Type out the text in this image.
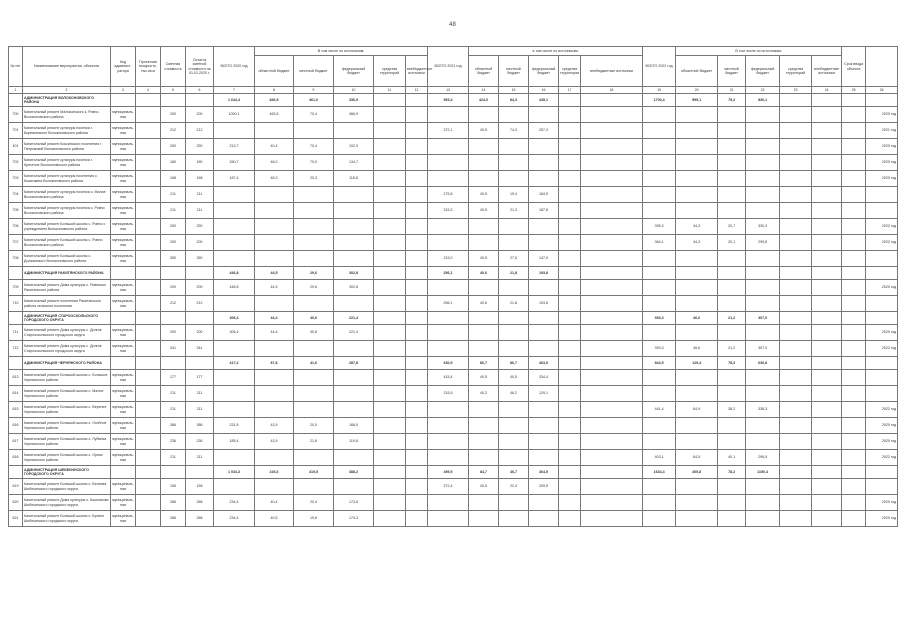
48
№ п/п	Наименование мероприятия, объектов	Код админист-ратора	Проектная мощность, тыс.кв.м	Сметная стоимость	Остаток сметной стоимости на 01.01.2020 г.	ВСЕГО 2020 год	В том числе по источникам:					ВСЕГО 2021 год	в том числе по источникам:					ВСЕГО 2022 год	В том числе по источникам:					Срок ввода объекта	
							областной бюджет	местный бюджет	федеральный бюджет	средства территорий	внебюджетные источники		областной бюджет	местный бюджет	федеральный бюджет	средства территории	внебюджетные источники		областной бюджет	местный бюджет	федеральный бюджет	средства территорий	внебюджетные источники		
1	2	3	4	5	6	7	8	9	10	11	12	13	14	15	16	17	18	19	20	21	22	23	24	25	26
	АДМИНИСТРАЦИЯ ВОЛОКОНОВСКОГО РАЙОНА					1 644,4	846,5	461,0	336,9			953,4	424,0	84,3	445,1			1700,4	595,1	75,2	830,1				
700	Капитальный ремонт Малоконского к. Ровно-Волоконовского района	муниципаль-ная		200	200	1000,1	463,5	70,4	466,9																2020 год
701	Капитальный ремонт культуры поселка г. Бирюкинского Волоконовского района	муниципаль-ная		212	212							372,1	40,5	74,3	257,3										2021 год
401	Капитальный ремонт Коксинского поселения г. Петровский Волоконовского района	муниципаль-ная		250	250	213,7	40,4	70,4	102,9																2020 год
702	Капитальный ремонт культуры поселка г. Крестное Волоконовского района	муниципаль-ная		180	180	250,7	46,0	70,0	134,7																2020 год
703	Капитальный ремонт культуры поселения с. Кошечкина Волоконовского района	муниципаль-ная		168	168	187,4	48,3	20,3	118,8																2020 год
704	Капитальный ремонт культуры поселка с. Малое Волоконовского района	муниципаль-ная		211	211							275,8	40,5	19,4	184,9										
705	Капитальный ремонт культуры поселка с. Ровно Волоконовского района	муниципаль-ная		211	211							315,3	40,5	21,3	187,8										
706	Капитальный ремонт Большой школы с. Ровно с учреждением Волоконовского района	муниципаль-ная		250	250													395,3	44,3	20,7	330,3				2022 год
707	Капитальный ремонт Большой школы с. Ровно Волоконовского района	муниципаль-ная		200	200													364,1	44,3	20,1	299,8				2022 год
708	Капитальный ремонт Большой школы с. Должанского Волоконовского района	муниципаль-ная		350	350							215,0	40,5	27,5	147,0										
	АДМИНИСТРАЦИЯ РАКИТЯНСКОГО РАЙОНА					446,8	44,5	29,6	302,8			256,1	40,6	21,8	193,8										
709	Капитальный ремонт Дома культуры с. Ровеньки Ракитянского района	муниципаль-ная		200	200	446,8	44,5	29,6	302,8																2020 год
710	Капитальный ремонт поселения Ракитянского района сельского поселения	муниципаль-ная		212	212							256,1	40,6	21,8	193,8										
	АДМИНИСТРАЦИЯ СТАРООСКОЛЬСКОГО ГОРОДСКОГО ОКРУГА					306,4	44,4	40,6	221,4									393,3	46,6	21,2	307,0				
711	Капитальный ремонт Дома культуры с. Долгое Старооскольского городского округа	муниципаль-ная		200	200	306,4	44,4	40,6	221,4																2020 год
712	Капитальный ремонт Дома культуры с. Долгое Старооскольского городского округа	муниципаль-ная		341	341													393,3	46,6	21,2	307,0				2022 год
	АДМИНИСТРАЦИЯ ЧЕРНЯНСКОГО РАЙОНА					417,2	87,8	41,6	287,8			630,9	80,7	86,7	463,5			844,5	129,4	78,3	636,8				
613	Капитальный ремонт Большой школы с. Большое Чернянского района	муниципаль-ная		177	177							415,4	40,5	40,5	334,4										
614	Капитальный ремонт Большой школы с. Малое Чернянского района	муниципаль-ная		211	211							215,5	40,2	46,2	129,1										
615	Капитальный ремонт Большой школы с. Верхнее Чернянского района	муниципаль-ная		211	211													441,4	64,9	38,2	338,3				2022 год
616	Капитальный ремонт Большой школы с. Огибное Чернянского района	муниципаль-ная		386	386	231,8	43,9	20,0	168,0																2020 год
617	Капитальный ремонт Большой школы с. Лубянка Чернянского района	муниципаль-ная		236	236	185,4	43,9	21,6	119,8																2020 год
618	Капитальный ремонт Большой школы с. Орлик Чернянского района	муниципаль-ная		211	211													403,1	64,5	40,1	298,5				2022 год
	АДМИНИСТРАЦИЯ ШЕБЕКИНСКОГО ГОРОДСКОГО ОКРУГА					1 034,3	226,6	419,5	388,2			495,9	84,7	46,7	364,5			1634,4	405,8	78,2	1150,4				
619	Капитальный ремонт Большой школы с. Белянка Шебекинского городского округа	муниципаль-ная		155	155							272,4	40,5	22,4	209,5										
620	Капитальный ремонт Дома культуры с. Кошлаково Шебекинского городского округа	муниципаль-ная		286	286	234,4	40,4	20,4	173,6																2020 год
621	Капитальный ремонт Большой школы с. Купино Шебекинского городского округа	муниципаль-ная		286	286	234,4	40,5	19,6	174,3																2020 год
